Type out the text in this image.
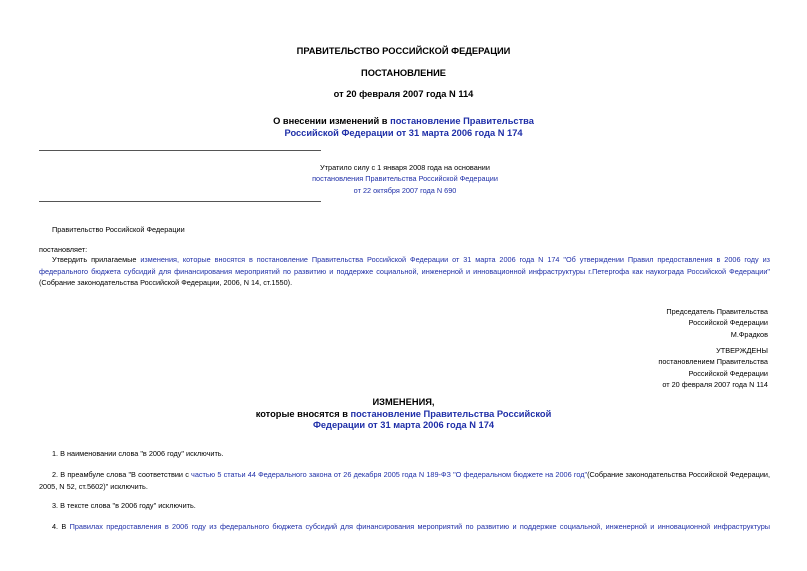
ПРАВИТЕЛЬСТВО РОССИЙСКОЙ ФЕДЕРАЦИИ

ПОСТАНОВЛЕНИЕ

от 20 февраля 2007 года N 114

О внесении изменений в постановление Правительства
Российской Федерации от 31 марта 2006 года N 174

Утратило силу с 1 января 2008 года на основании

постановления Правительства Российской Федерации

от 22 октября 2007 года N 690

Правительство Российской Федерации

постановляет:

Утвердить прилагаемые изменения, которые вносятся в постановление Правительства Российской Федерации от 31 марта 2006 года N 174 "Об утверждении Правил предоставления в 2006 году из федерального бюджета субсидий для финансирования мероприятий по развитию и поддержке социальной, инженерной и инновационной инфраструктуры г.Петергофа как наукограда Российской Федерации" (Собрание законодательства Российской Федерации, 2006, N 14, ст.1550).

Председатель Правительства

Российской Федерации

М.Фрадков

УТВЕРЖДЕНЫ

постановлением Правительства

Российской Федерации

от 20 февраля 2007 года N 114

ИЗМЕНЕНИЯ,

которые вносятся в постановление Правительства Российской

Федерации от 31 марта 2006 года N 174

1. В наименовании слова "в 2006 году" исключить.

2. В преамбуле слова "В соответствии с частью 5 статьи 44 Федерального закона от 26 декабря 2005 года N 189-ФЗ "О федеральном бюджете на 2006 год"(Собрание законодательства Российской Федерации, 2005, N 52, ст.5602)" исключить.

3. В тексте слова "в 2006 году" исключить.

4. В Правилах предоставления в 2006 году из федерального бюджета субсидий для финансирования мероприятий по развитию и поддержке социальной, инженерной и инновационной инфраструктуры
